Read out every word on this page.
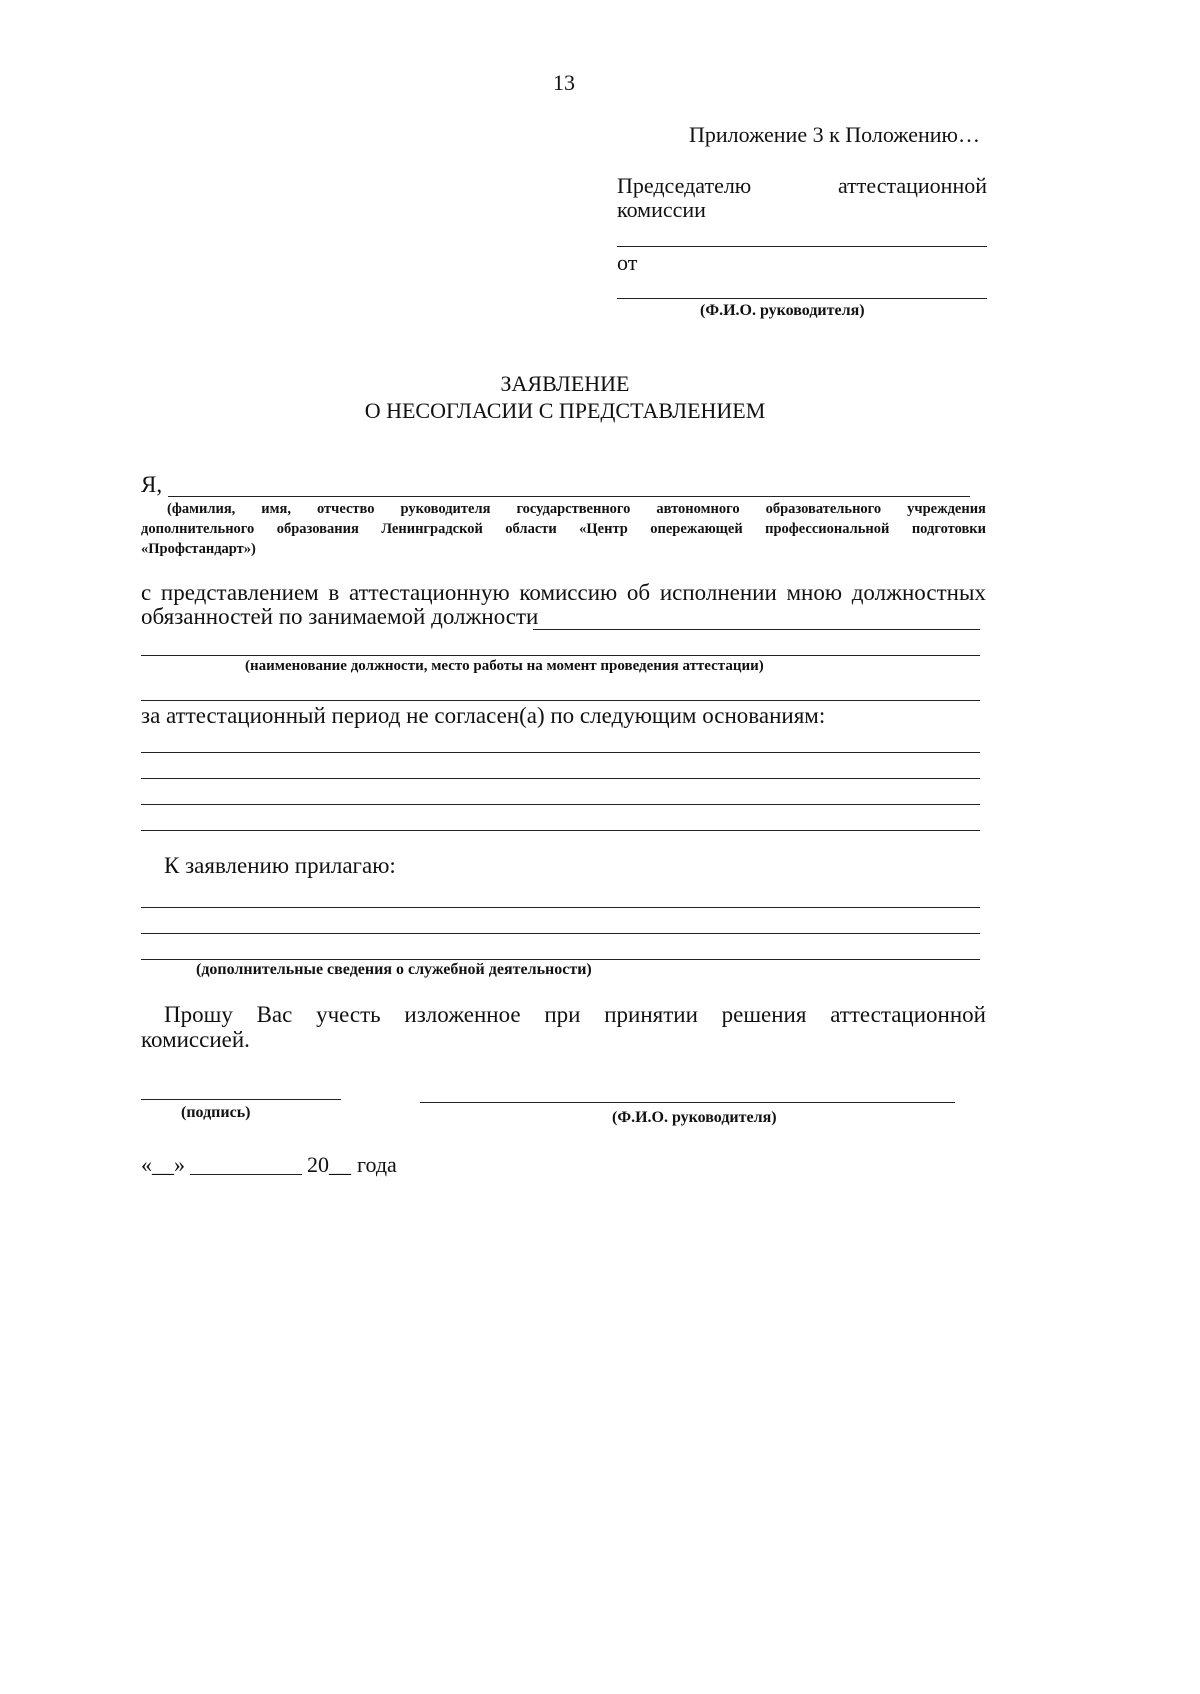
13
Приложение 3 к Положению…
Председателю	аттестационной
комиссии
от
(Ф.И.О. руководителя)
ЗАЯВЛЕНИЕ
О НЕСОГЛАСИИ С ПРЕДСТАВЛЕНИЕМ
Я,
(фамилия, имя, отчество руководителя государственного автономного образовательного учреждения
дополнительного образования Ленинградской области «Центр опережающей профессиональной подготовки
«Профстандарт»)
с представлением в аттестационную комиссию об исполнении мною должностных
обязанностей по занимаемой должности
(наименование должности, место работы на момент проведения аттестации)
за аттестационный период не согласен(а) по следующим основаниям:
К заявлению прилагаю:
(дополнительные сведения о служебной деятельности)
Прошу Вас учесть изложенное при принятии решения аттестационной
комиссией.
(подпись)	(Ф.И.О. руководителя)
«__»	20__ года
